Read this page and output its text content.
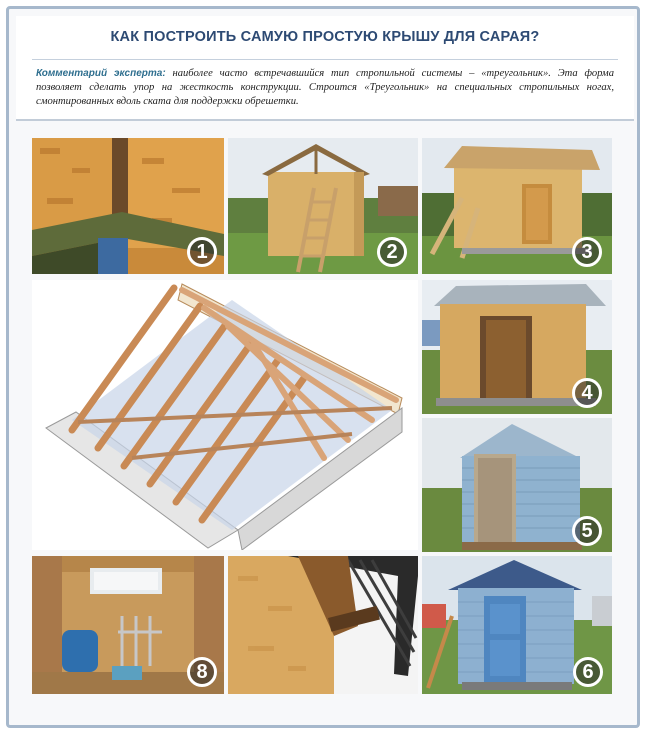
КАК ПОСТРОИТЬ САМУЮ ПРОСТУЮ КРЫШУ ДЛЯ САРАЯ?
Комментарий эксперта: наиболее часто встречавшийся тип стропильной системы – «треугольник». Эта форма позволяет сделать упор на жесткость конструкции. Строится «Треугольник» на специальных стропильных ногах, смонтированных вдоль ската для поддержки обрешетки.
1	2	3
4
5
8	6
